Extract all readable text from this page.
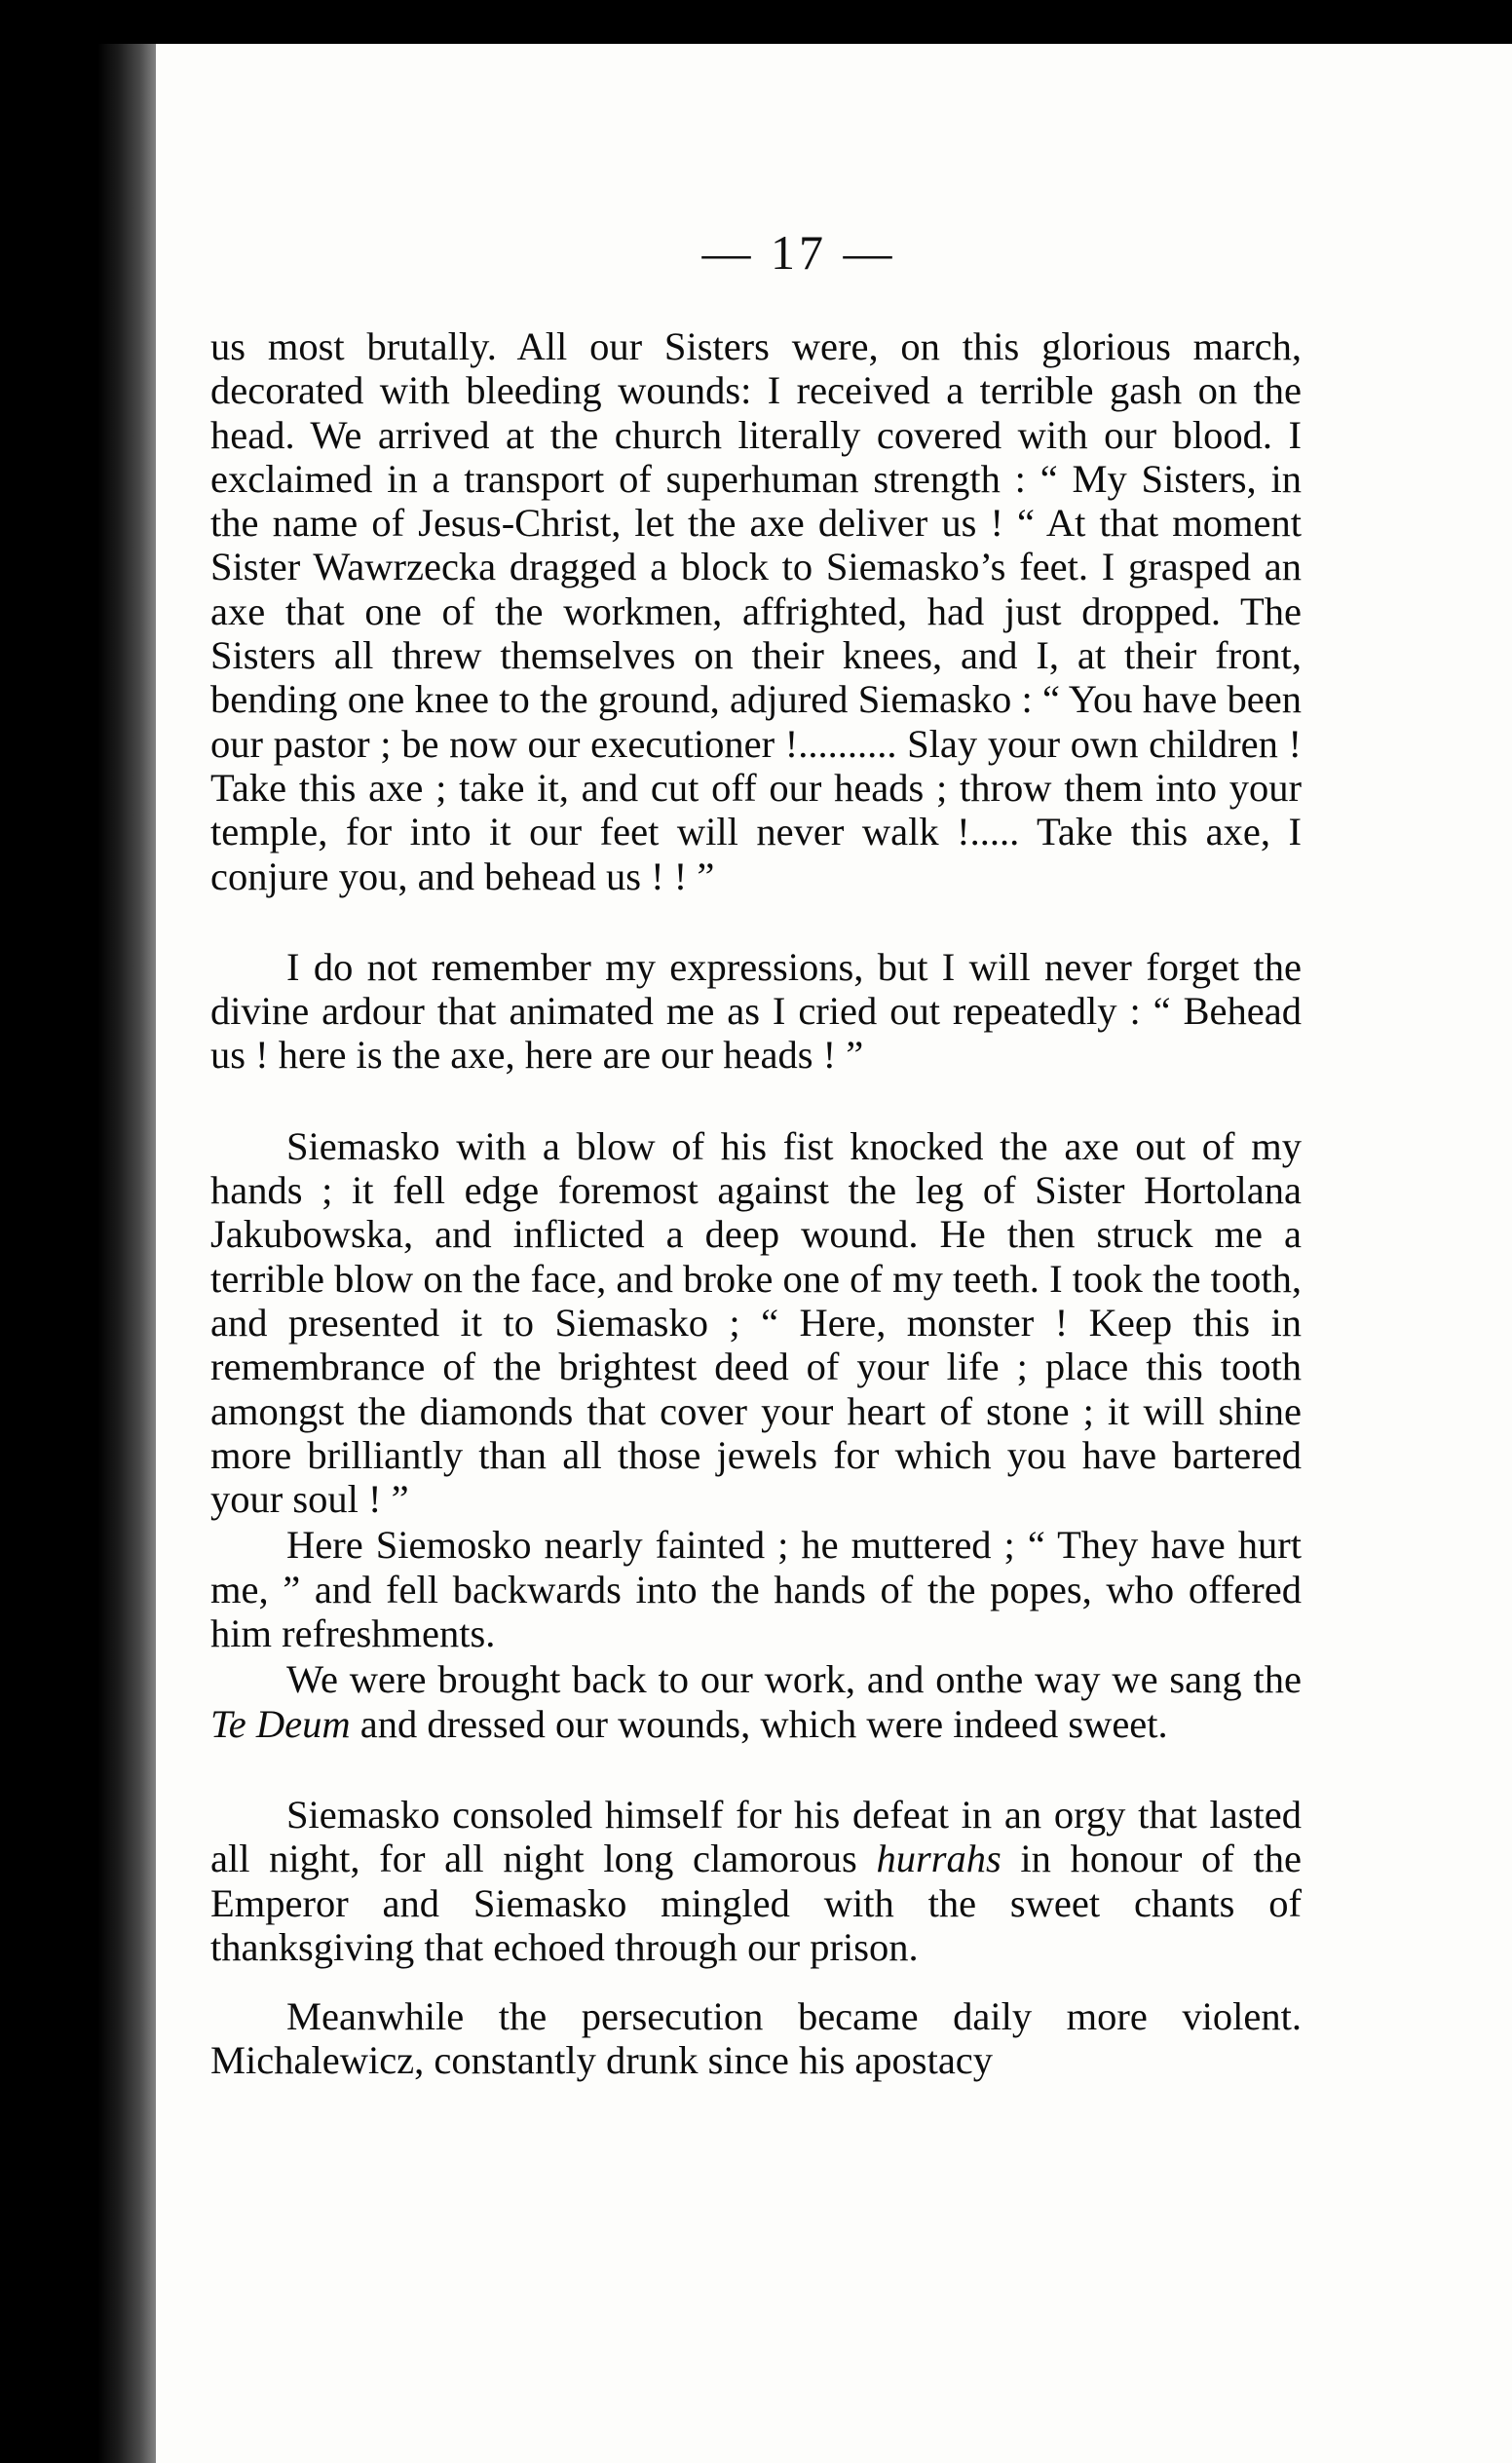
— 17 —

us most brutally. All our Sisters were, on this glorious march, decorated with bleeding wounds: I received a terrible gash on the head. We arrived at the church literally covered with our blood. I exclaimed in a transport of superhuman strength : “ My Sisters, in the name of Jesus-Christ, let the axe deliver us ! “ At that moment Sister Wawrzecka dragged a block to Siemasko’s feet. I grasped an axe that one of the workmen, affrighted, had just dropped. The Sisters all threw themselves on their knees, and I, at their front, bending one knee to the ground, adjured Siemasko : “ You have been our pastor ; be now our executioner !.......... Slay your own children ! Take this axe ; take it, and cut off our heads ; throw them into your temple, for into it our feet will never walk !..... Take this axe, I conjure you, and behead us ! ! ”

I do not remember my expressions, but I will never forget the divine ardour that animated me as I cried out repeatedly : “ Behead us ! here is the axe, here are our heads ! ”

Siemasko with a blow of his fist knocked the axe out of my hands ; it fell edge foremost against the leg of Sister Hortolana Jakubowska, and inflicted a deep wound. He then struck me a terrible blow on the face, and broke one of my teeth. I took the tooth, and presented it to Siemasko ; “ Here, monster ! Keep this in remembrance of the brightest deed of your life ; place this tooth amongst the diamonds that cover your heart of stone ; it will shine more brilliantly than all those jewels for which you have bartered your soul ! ”

Here Siemosko nearly fainted ; he muttered ; “ They have hurt me, ” and fell backwards into the hands of the popes, who offered him refreshments.

We were brought back to our work, and onthe way we sang the Te Deum and dressed our wounds, which were indeed sweet.

Siemasko consoled himself for his defeat in an orgy that lasted all night, for all night long clamorous hurrahs in honour of the Emperor and Siemasko mingled with the sweet chants of thanksgiving that echoed through our prison.

Meanwhile the persecution became daily more violent. Michalewicz, constantly drunk since his apostacy
